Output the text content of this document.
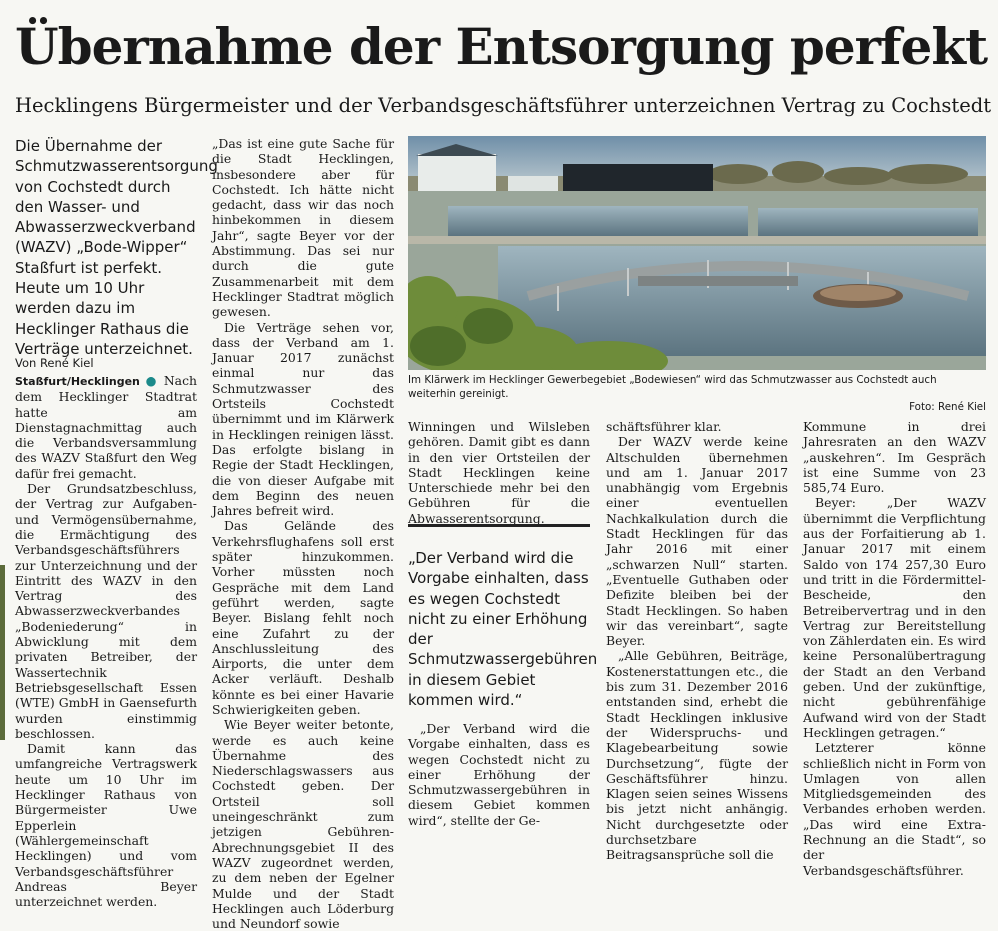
Übernahme der Entsorgung perfekt
Hecklingens Bürgermeister und der Verbandsgeschäftsführer unterzeichnen Vertrag zu Cochstedt
Die Übernahme der Schmutzwasserentsorgung von Cochstedt durch den Wasser- und Abwasserzweckverband (WAZV) „Bode-Wipper“ Staßfurt ist perfekt. Heute um 10 Uhr werden dazu im Hecklinger Rathaus die Verträge unterzeichnet.
Von René Kiel

Staßfurt/Hecklingen ● Nach dem Hecklinger Stadtrat hatte am Dienstagnachmittag auch die Verbandsversammlung des WAZV Staßfurt den Weg dafür frei gemacht.

Der Grundsatzbeschluss, der Vertrag zur Aufgaben- und Vermögensübernahme, die Ermächtigung des Verbandsgeschäftsführers zur Unterzeichnung und der Eintritt des WAZV in den Vertrag des Abwasserzweckverbandes „Bodeniederung“ in Abwicklung mit dem privaten Betreiber, der Wassertechnik Betriebsgesellschaft Essen (WTE) GmbH in Gaensefurth wurden einstimmig beschlossen.

Damit kann das umfangreiche Vertragswerk heute um 10 Uhr im Hecklinger Rathaus von Bürgermeister Uwe Epperlein (Wählergemeinschaft Hecklingen) und vom Verbandsgeschäftsführer Andreas Beyer unterzeichnet werden.

„Das ist eine gute Sache für die Stadt Hecklingen, insbesondere aber für Cochstedt. Ich hätte nicht gedacht, dass wir das noch hinbekommen in diesem Jahr“, sagte Beyer vor der Abstimmung. Das sei nur durch die gute Zusammenarbeit mit dem Hecklinger Stadtrat möglich gewesen.

Die Verträge sehen vor, dass der Verband am 1. Januar 2017 zunächst einmal nur das Schmutzwasser des Ortsteils Cochstedt übernimmt und im Klärwerk in Hecklingen reinigen lässt. Das erfolgte bislang in Regie der Stadt Hecklingen, die von dieser Aufgabe mit dem Beginn des neuen Jahres befreit wird.

Das Gelände des Verkehrsflughafens soll erst später hinzukommen. Vorher müssten noch Gespräche mit dem Land geführt werden, sagte Beyer. Bislang fehlt noch eine Zufahrt zu der Anschlussleitung des Airports, die unter dem Acker verläuft. Deshalb könnte es bei einer Havarie Schwierigkeiten geben.

Wie Beyer weiter betonte, werde es auch keine Übernahme des Niederschlagswassers aus Cochstedt geben. Der Ortsteil soll uneingeschränkt zum jetzigen Gebühren-Abrechnungsgebiet II des WAZV zugeordnet werden, zu dem neben der Egelner Mulde und der Stadt Hecklingen auch Löderburg und Neundorf sowie

Im Klärwerk im Hecklinger Gewerbegebiet „Bodewiesen“ wird das Schmutzwasser aus Cochstedt auch weiterhin gereinigt.
Foto: René Kiel

Winningen und Wilsleben gehören. Damit gibt es dann in den vier Ortsteilen der Stadt Hecklingen keine Unterschiede mehr bei den Gebühren für die Abwasserentsorgung.

„Der Verband wird die Vorgabe einhalten, dass es wegen Cochstedt nicht zu einer Erhöhung der Schmutzwassergebühren in diesem Gebiet kommen wird.“

„Der Verband wird die Vorgabe einhalten, dass es wegen Cochstedt nicht zu einer Erhöhung der Schmutzwassergebühren in diesem Gebiet kommen wird“, stellte der Ge-

schäftsführer klar.

Der WAZV werde keine Altschulden übernehmen und am 1. Januar 2017 unabhängig vom Ergebnis einer eventuellen Nachkalkulation durch die Stadt Hecklingen für das Jahr 2016 mit einer „schwarzen Null“ starten. „Eventuelle Guthaben oder Defizite bleiben bei der Stadt Hecklingen. So haben wir das vereinbart“, sagte Beyer.

„Alle Gebühren, Beiträge, Kostenerstattungen etc., die bis zum 31. Dezember 2016 entstanden sind, erhebt die Stadt Hecklingen inklusive der Widerspruchs- und Klagebearbeitung sowie Durchsetzung“, fügte der Geschäftsführer hinzu. Klagen seien seines Wissens bis jetzt nicht anhängig. Nicht durchgesetzte oder durchsetzbare Beitragsansprüche soll die

Kommune in drei Jahresraten an den WAZV „auskehren“. Im Gespräch ist eine Summe von 23 585,74 Euro.

Beyer: „Der WAZV übernimmt die Verpflichtung aus der Forfaitierung ab 1. Januar 2017 mit einem Saldo von 174 257,30 Euro und tritt in die Fördermittel-Bescheide, den Betreibervertrag und in den Vertrag zur Bereitstellung von Zählerdaten ein. Es wird keine Personalübertragung der Stadt an den Verband geben. Und der zukünftige, nicht gebührenfähige Aufwand wird von der Stadt Hecklingen getragen.“

Letzterer könne schließlich nicht in Form von Umlagen von allen Mitgliedsgemeinden des Verbandes erhoben werden. „Das wird eine Extra-Rechnung an die Stadt“, so der Verbandsgeschäftsführer.
